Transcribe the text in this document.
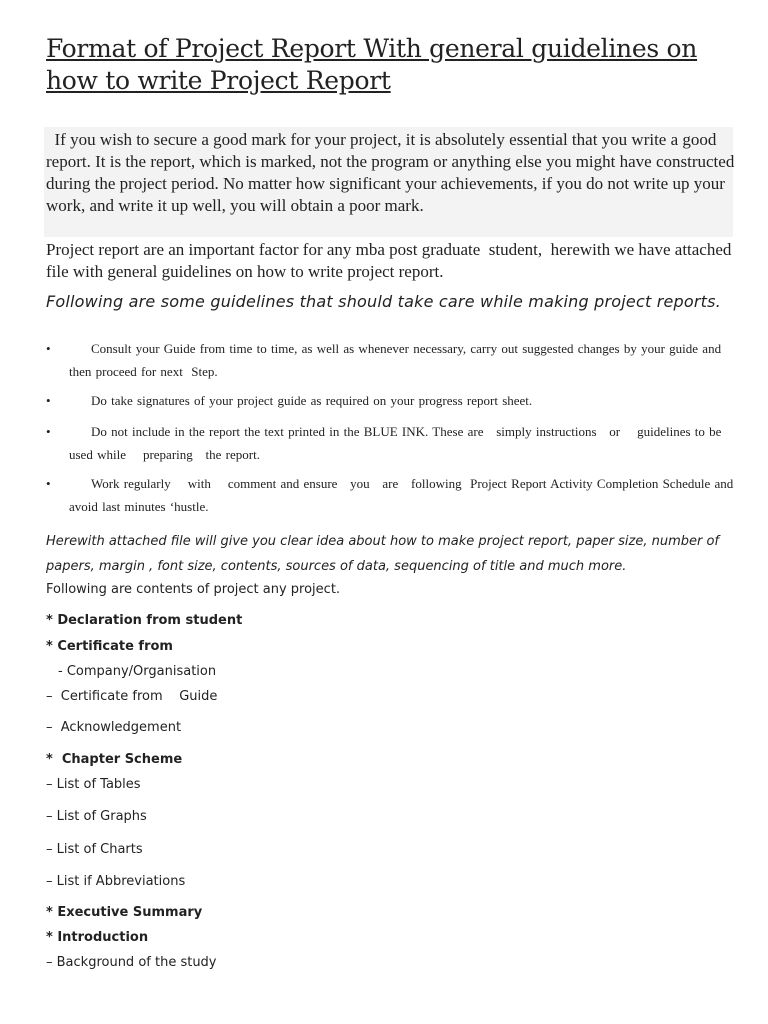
Format of Project Report With general guidelines on how to write Project Report
If you wish to secure a good mark for your project, it is absolutely essential that you write a good report. It is the report, which is marked, not the program or anything else you might have constructed during the project period. No matter how significant your achievements, if you do not write up your work, and write it up well, you will obtain a poor mark.
Project report are an important factor for any mba post graduate  student,  herewith we have attached file with general guidelines on how to write project report.
Following are some guidelines that should take care while making project reports.
•	Consult your Guide from time to time, as well as whenever necessary, carry out suggested changes by your guide and then proceed for next  Step.
•	Do take signatures of your project guide as required on your progress report sheet.
•	Do not include in the report the text printed in the BLUE INK. These are   simply instructions   or    guidelines to be  used while    preparing   the report.
•	Work regularly    with    comment and ensure   you   are   following  Project Report Activity Completion Schedule and avoid last minutes ‘hustle.
Herewith attached file will give you clear idea about how to make project report, paper size, number of papers, margin , font size, contents, sources of data, sequencing of title and much more.
Following are contents of project any project.
* Declaration from student
* Certificate from
- Company/Organisation
–  Certificate from    Guide
–  Acknowledgement
*  Chapter Scheme
– List of Tables
– List of Graphs
– List of Charts
– List if Abbreviations
* Executive Summary
* Introduction
– Background of the study
